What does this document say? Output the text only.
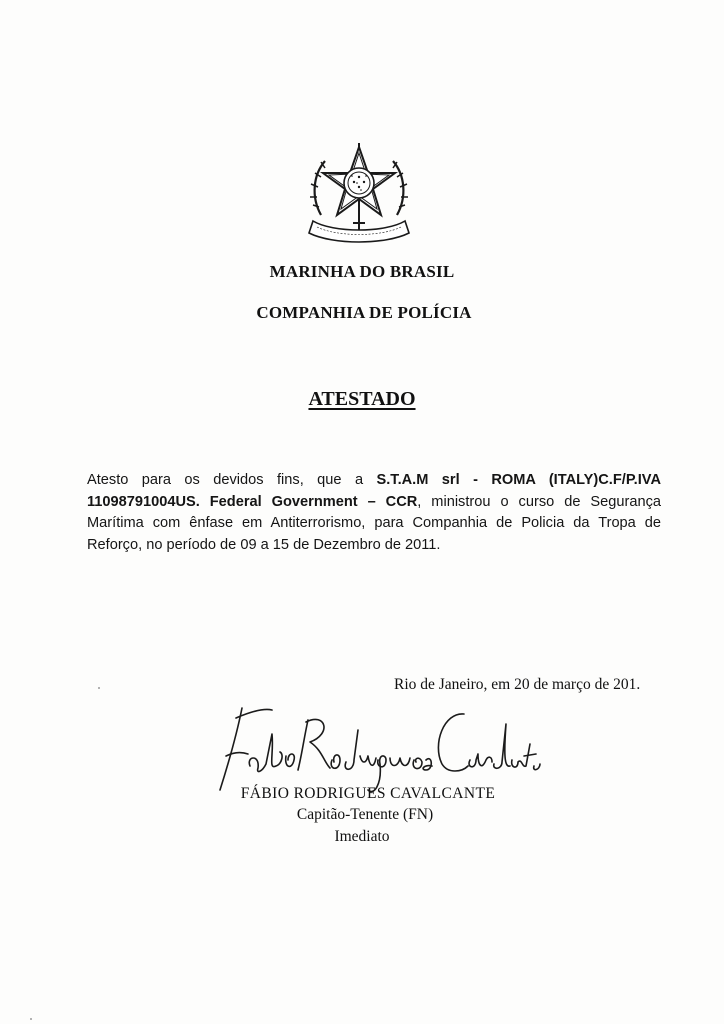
MARINHA DO BRASIL
COMPANHIA DE POLÍCIA
ATESTADO
Atesto para os devidos fins, que a S.T.A.M srl - ROMA (ITALY)C.F/P.IVA 11098791004US. Federal Government – CCR, ministrou o curso de Segurança Marítima com ênfase em Antiterrorismo, para Companhia de Policia da Tropa de Reforço, no período de 09 a 15 de Dezembro de 2011.
Rio de Janeiro, em 20 de março de 201.
FÁBIO RODRIGUES CAVALCANTE
Capitão-Tenente (FN)
Imediato
